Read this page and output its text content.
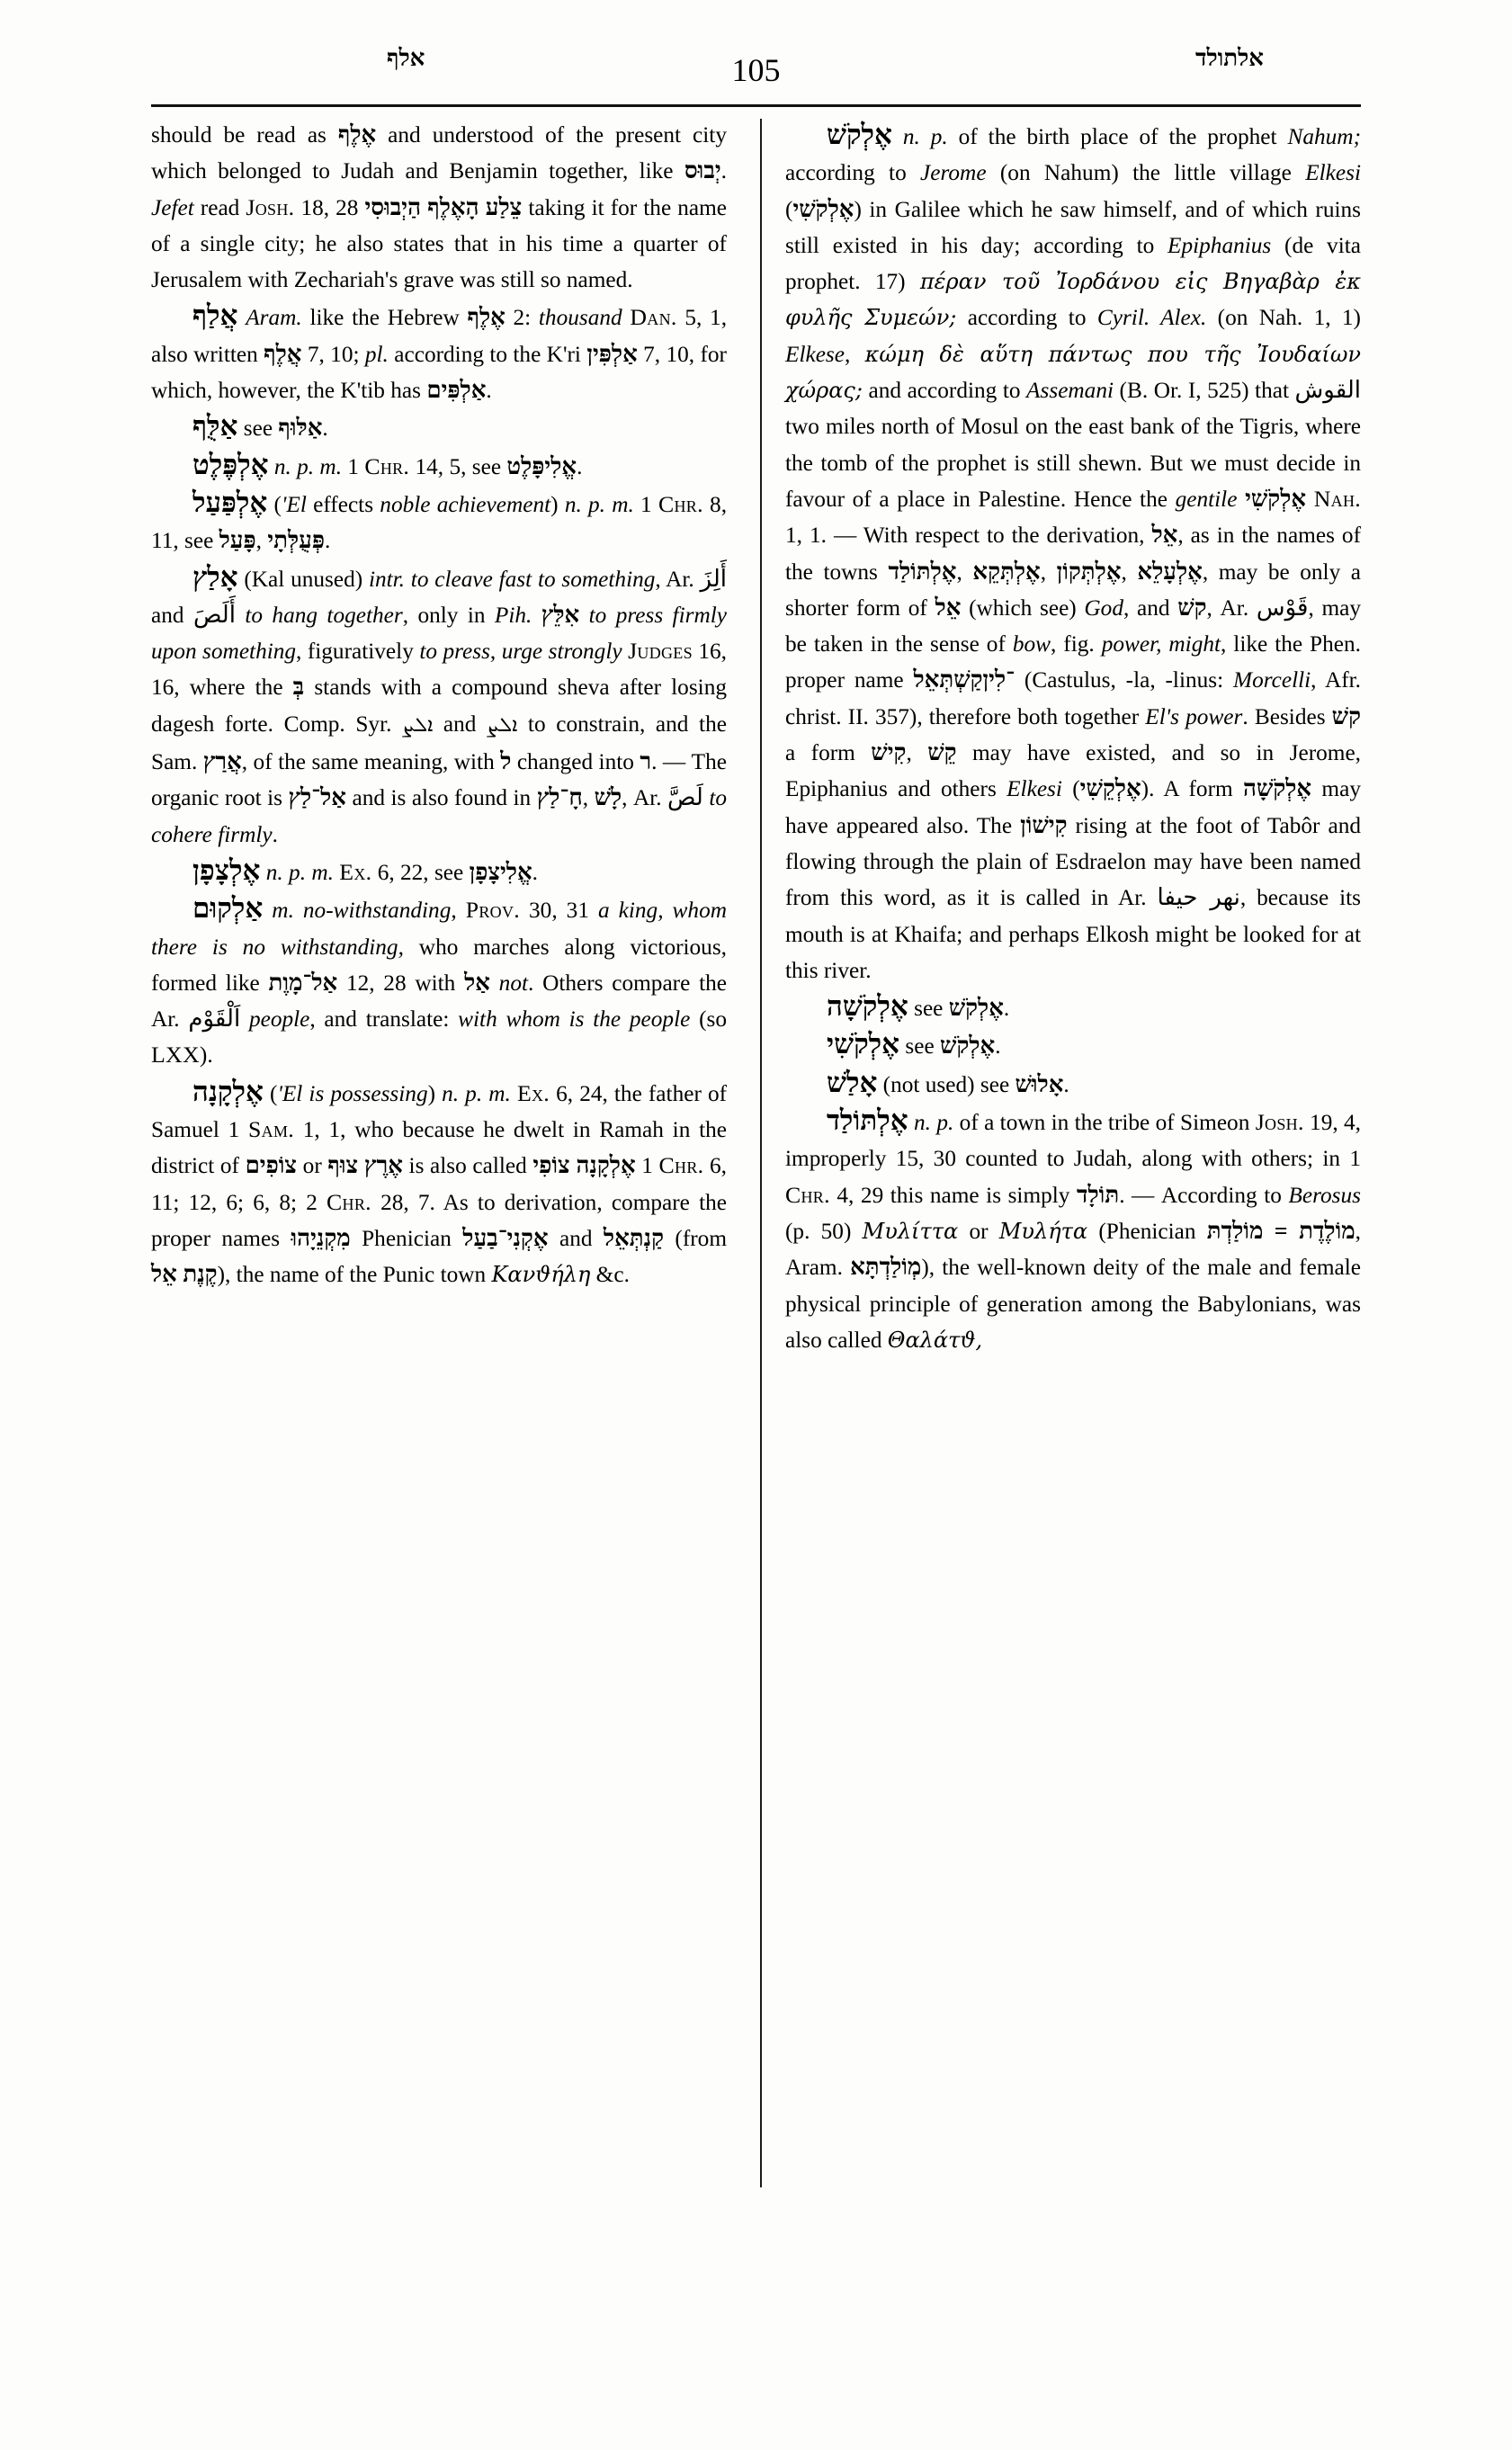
אלף	105	אלתולד

should be read as אֶלֶף and understood of the present city which belonged to Judah and Benjamin together, like יְבוּס. Jefet read Josh. 18, 28 צֵלַע הָאֶלֶף הַיְבוּסִי taking it for the name of a single city; he also states that in his time a quarter of Jerusalem with Zechariah's grave was still so named.

אֲלַף Aram. like the Hebrew אֶלֶף 2: thousand Dan. 5, 1, also written אֲלֶף 7, 10; pl. according to the K'ri אַלְפִּין 7, 10, for which, however, the K'tib has אַלְפִּים.

אַלֻּף see אַלּוּף.

אֶלְפֶּלֶט n. p. m. 1 Chr. 14, 5, see אֱלִיפָּלֶט.

אֶלְפַּעַל ('El effects noble achievement) n. p. m. 1 Chr. 8, 11, see פָּעַל, פְּעֻלְּתָי.

אָלַץ (Kal unused) intr. to cleave fast to something, Ar. أَلِزَ and أَلَصَ to hang together, only in Pih. אִלֵּץ to press firmly upon something, figuratively to press, urge strongly Judges 16, 16, where the בְּ stands with a compound sheva after losing dagesh forte. Comp. Syr. ܐܠܨ and ܐܠܨ to constrain, and the Sam. אֲרַץ, of the same meaning, with ל changed into ר. — The organic root is אַל־לַץ and is also found in חָ־לַץ, לָשׁ, Ar. لَصَّ to cohere firmly.

אֶלְצָפָן n. p. m. Ex. 6, 22, see אֱלִיצָפָן.

אַלְקוּם m. no-withstanding, Prov. 30, 31 a king, whom there is no withstanding, who marches along victorious, formed like אַל־מָוֶת 12, 28 with אַל not. Others compare the Ar. اَلْقَوْم people, and translate: with whom is the people (so LXX).

אֶלְקָנָה ('El is possessing) n. p. m. Ex. 6, 24, the father of Samuel 1 Sam. 1, 1, who because he dwelt in Ramah in the district of צוֹפִים or אֶרֶץ צוּף is also called אֶלְקָנָה צוֹפִי 1 Chr. 6, 11; 12, 6; 6, 8; 2 Chr. 28, 7. As to derivation, compare the proper names מִקְנֵיָהוּ Phenician אֶקְנִי־בַעַל and קַנְתְּאֵל (from קֶנֶת אֵל), the name of the Punic town Κανϑήλη &c.

אֶלְקֹשׁ n. p. of the birth place of the prophet Nahum; according to Jerome (on Nahum) the little village Elkesi (אֶלְקֹשִׁי) in Galilee which he saw himself, and of which ruins still existed in his day; according to Epiphanius (de vita prophet. 17) πέραν τοῦ Ἰορδάνου εἰς Βηγαβὰρ ἐκ φυλῆς Συμεών; according to Cyril. Alex. (on Nah. 1, 1) Elkese, κώμη δὲ αὕτη πάντως που τῆς Ἰουδαίων χώρας; and according to Assemani (B. Or. I, 525) that القوش two miles north of Mosul on the east bank of the Tigris, where the tomb of the prophet is still shewn. But we must decide in favour of a place in Palestine. Hence the gentile אֶלְקֹשִׁי Nah. 1, 1. — With respect to the derivation, אֵל, as in the names of the towns אֶלְתּוֹלַד, אֶלְתְּקֵא, אֶלְתְּקוֹן, אֶלְעָלֵא, may be only a shorter form of אֵל (which see) God, and קשׁ, Ar. قَوْس, may be taken in the sense of bow, fig. power, might, like the Phen. proper name קַשְׁתְּאֵל־לִין (Castulus, -la, -linus: Morcelli, Afr. christ. II. 357), therefore both together El's power. Besides קשׁ a form קִישׁ, קֵשׁ may have existed, and so in Jerome, Epiphanius and others Elkesi (אֶלְקֵשִׁי). A form אֶלְקֹשָׁה may have appeared also. The קִישׁוֹן rising at the foot of Tabôr and flowing through the plain of Esdraelon may have been named from this word, as it is called in Ar. نهر حيفا, because its mouth is at Khaifa; and perhaps Elkosh might be looked for at this river.

אֶלְקֹשָׁה see אֶלְקֹשׁ.

אֶלְקֹשִׁי see אֶלְקֹשׁ.

אָלַשׁ (not used) see אָלוּשׁ.

אֶלְתּוֹלַד n. p. of a town in the tribe of Simeon Josh. 19, 4, improperly 15, 30 counted to Judah, along with others; in 1 Chr. 4, 29 this name is simply תּוֹלָד. — According to Berosus (p. 50) Μυλίττα or Μυλήτα (Phenician מוֹלֶדֶת = מוֹלַדְתּ, Aram. מְוֹלַדְתָּא), the well-known deity of the male and female physical principle of generation among the Babylonians, was also called Θαλάτϑ,
